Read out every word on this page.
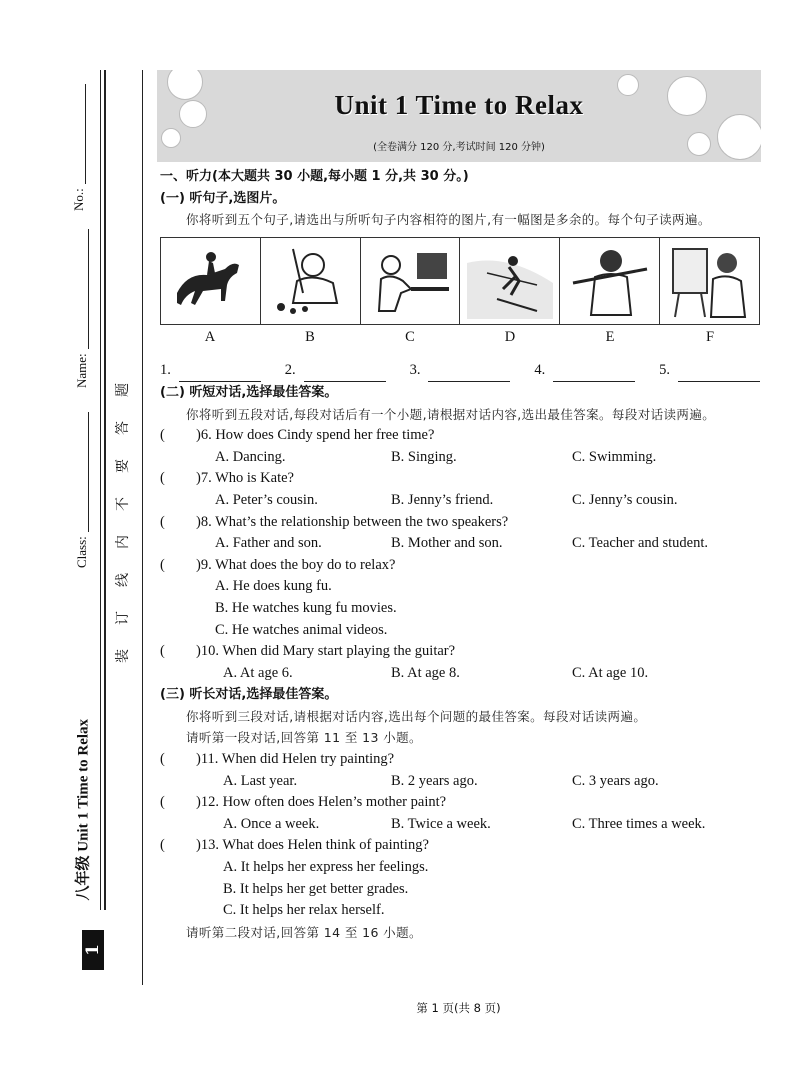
No.:
Name:
Class:
题
答
要
不
内
线
订
装
八年级 Unit 1 Time to Relax
1
Unit 1 Time to Relax
(全卷满分 120 分,考试时间 120 分钟)
一、听力(本大题共 30 小题,每小题 1 分,共 30 分。)
(一) 听句子,选图片。
你将听到五个句子,请选出与所听句子内容相符的图片,有一幅图是多余的。每个句子读两遍。
A	B	C	D	E	F
1.	2.	3.	4.	5.
(二) 听短对话,选择最佳答案。
你将听到五段对话,每段对话后有一个小题,请根据对话内容,选出最佳答案。每段对话读两遍。
(	)6. How does Cindy spend her free time?
A. Dancing.	B. Singing.	C. Swimming.
(	)7. Who is Kate?
A. Peter’s cousin.	B. Jenny’s friend.	C. Jenny’s cousin.
(	)8. What’s the relationship between the two speakers?
A. Father and son.	B. Mother and son.	C. Teacher and student.
(	)9. What does the boy do to relax?
A. He does kung fu.
B. He watches kung fu movies.
C. He watches animal videos.
(	)10. When did Mary start playing the guitar?
A. At age 6.	B. At age 8.	C. At age 10.
(三) 听长对话,选择最佳答案。
你将听到三段对话,请根据对话内容,选出每个问题的最佳答案。每段对话读两遍。
请听第一段对话,回答第 11 至 13 小题。
(	)11. When did Helen try painting?
A. Last year.	B. 2 years ago.	C. 3 years ago.
(	)12. How often does Helen’s mother paint?
A. Once a week.	B. Twice a week.	C. Three times a week.
(	)13. What does Helen think of painting?
A. It helps her express her feelings.
B. It helps her get better grades.
C. It helps her relax herself.
请听第二段对话,回答第 14 至 16 小题。
第 1 页(共 8 页)
